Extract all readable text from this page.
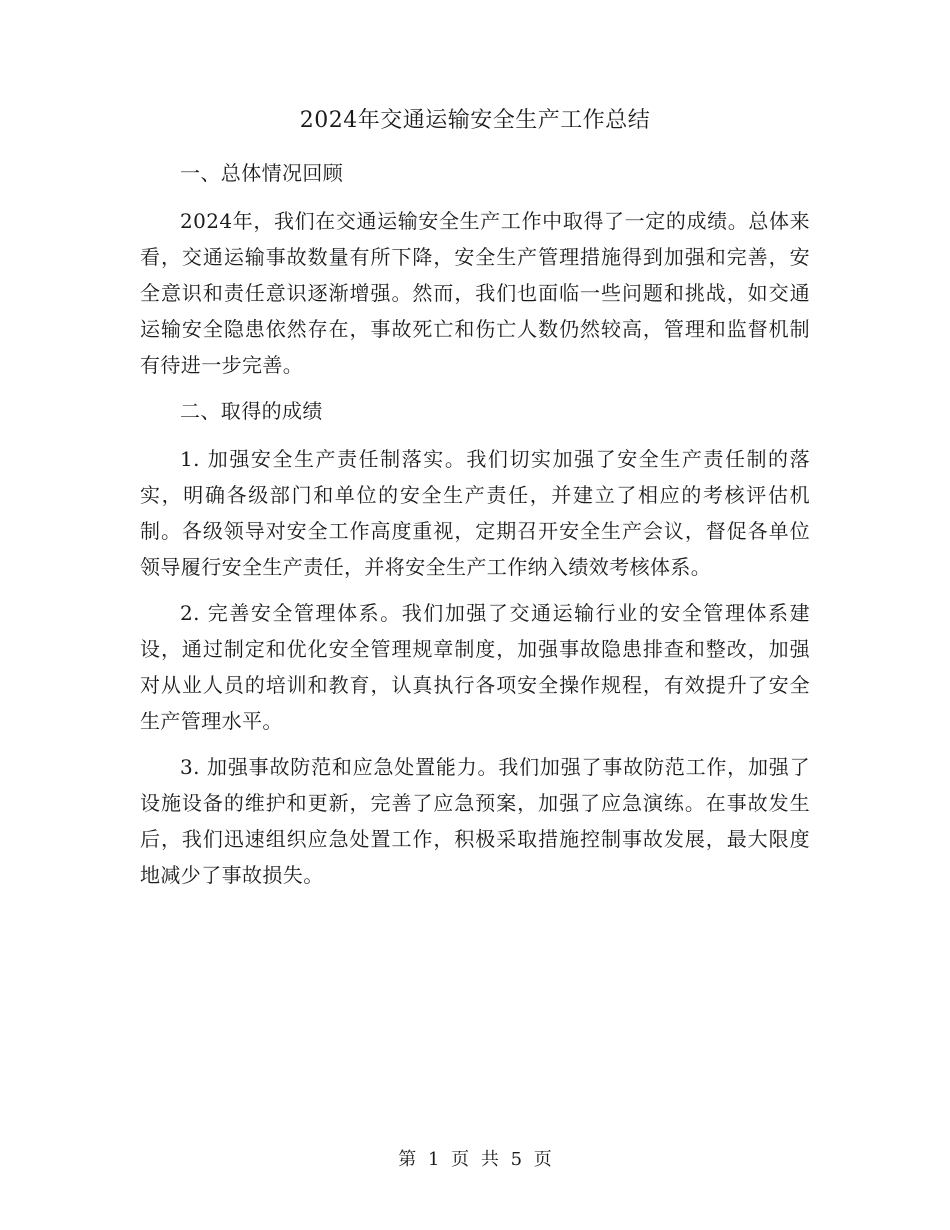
2024年交通运输安全生产工作总结

一、总体情况回顾

2024年，我们在交通运输安全生产工作中取得了一定的成绩。总体来看，交通运输事故数量有所下降，安全生产管理措施得到加强和完善，安全意识和责任意识逐渐增强。然而，我们也面临一些问题和挑战，如交通运输安全隐患依然存在，事故死亡和伤亡人数仍然较高，管理和监督机制有待进一步完善。

二、取得的成绩

1. 加强安全生产责任制落实。我们切实加强了安全生产责任制的落实，明确各级部门和单位的安全生产责任，并建立了相应的考核评估机制。各级领导对安全工作高度重视，定期召开安全生产会议，督促各单位领导履行安全生产责任，并将安全生产工作纳入绩效考核体系。

2. 完善安全管理体系。我们加强了交通运输行业的安全管理体系建设，通过制定和优化安全管理规章制度，加强事故隐患排查和整改，加强对从业人员的培训和教育，认真执行各项安全操作规程，有效提升了安全生产管理水平。

3. 加强事故防范和应急处置能力。我们加强了事故防范工作，加强了设施设备的维护和更新，完善了应急预案，加强了应急演练。在事故发生后，我们迅速组织应急处置工作，积极采取措施控制事故发展，最大限度地减少了事故损失。

第 1 页 共 5 页
